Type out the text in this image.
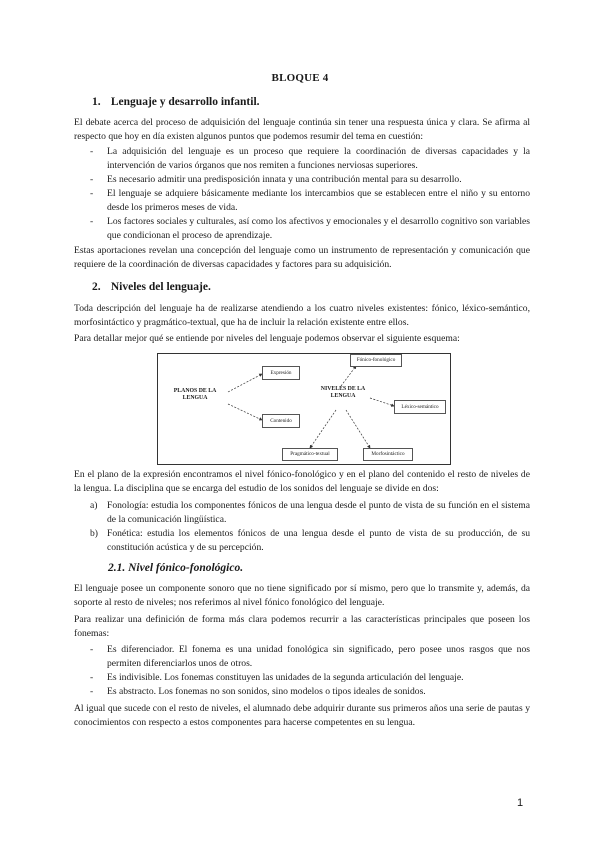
BLOQUE 4
1. Lenguaje y desarrollo infantil.

El debate acerca del proceso de adquisición del lenguaje continúa sin tener una respuesta única y clara. Se afirma al respecto que hoy en día existen algunos puntos que podemos resumir del tema en cuestión:

- La adquisición del lenguaje es un proceso que requiere la coordinación de diversas capacidades y la intervención de varios órganos que nos remiten a funciones nerviosas superiores.
- Es necesario admitir una predisposición innata y una contribución mental para su desarrollo.
- El lenguaje se adquiere básicamente mediante los intercambios que se establecen entre el niño y su entorno desde los primeros meses de vida.
- Los factores sociales y culturales, así como los afectivos y emocionales y el desarrollo cognitivo son variables que condicionan el proceso de aprendizaje.

Estas aportaciones revelan una concepción del lenguaje como un instrumento de representación y comunicación que requiere de la coordinación de diversas capacidades y factores para su adquisición.

2. Niveles del lenguaje.

Toda descripción del lenguaje ha de realizarse atendiendo a los cuatro niveles existentes: fónico, léxico-semántico, morfosintáctico y pragmático-textual, que ha de incluir la relación existente entre ellos.

Para detallar mejor qué se entiende por niveles del lenguaje podemos observar el siguiente esquema:

PLANOS DE LA LENGUA
Expresión
Contenido
NIVELES DE LA LENGUA
Fónico-fonológico
Léxico-semántico
Morfosintáctico
Pragmático-textual

En el plano de la expresión encontramos el nivel fónico-fonológico y en el plano del contenido el resto de niveles de la lengua. La disciplina que se encarga del estudio de los sonidos del lenguaje se divide en dos:

a) Fonología: estudia los componentes fónicos de una lengua desde el punto de vista de su función en el sistema de la comunicación lingüística.
b) Fonética: estudia los elementos fónicos de una lengua desde el punto de vista de su producción, de su constitución acústica y de su percepción.
2.1. Nivel fónico-fonológico.

El lenguaje posee un componente sonoro que no tiene significado por sí mismo, pero que lo transmite y, además, da soporte al resto de niveles; nos referimos al nivel fónico fonológico del lenguaje.

Para realizar una definición de forma más clara podemos recurrir a las características principales que poseen los fonemas:

- Es diferenciador. El fonema es una unidad fonológica sin significado, pero posee unos rasgos que nos permiten diferenciarlos unos de otros.
- Es indivisible. Los fonemas constituyen las unidades de la segunda articulación del lenguaje.
- Es abstracto. Los fonemas no son sonidos, sino modelos o tipos ideales de sonidos.

Al igual que sucede con el resto de niveles, el alumnado debe adquirir durante sus primeros años una serie de pautas y conocimientos con respecto a estos componentes para hacerse competentes en su lengua.

1
